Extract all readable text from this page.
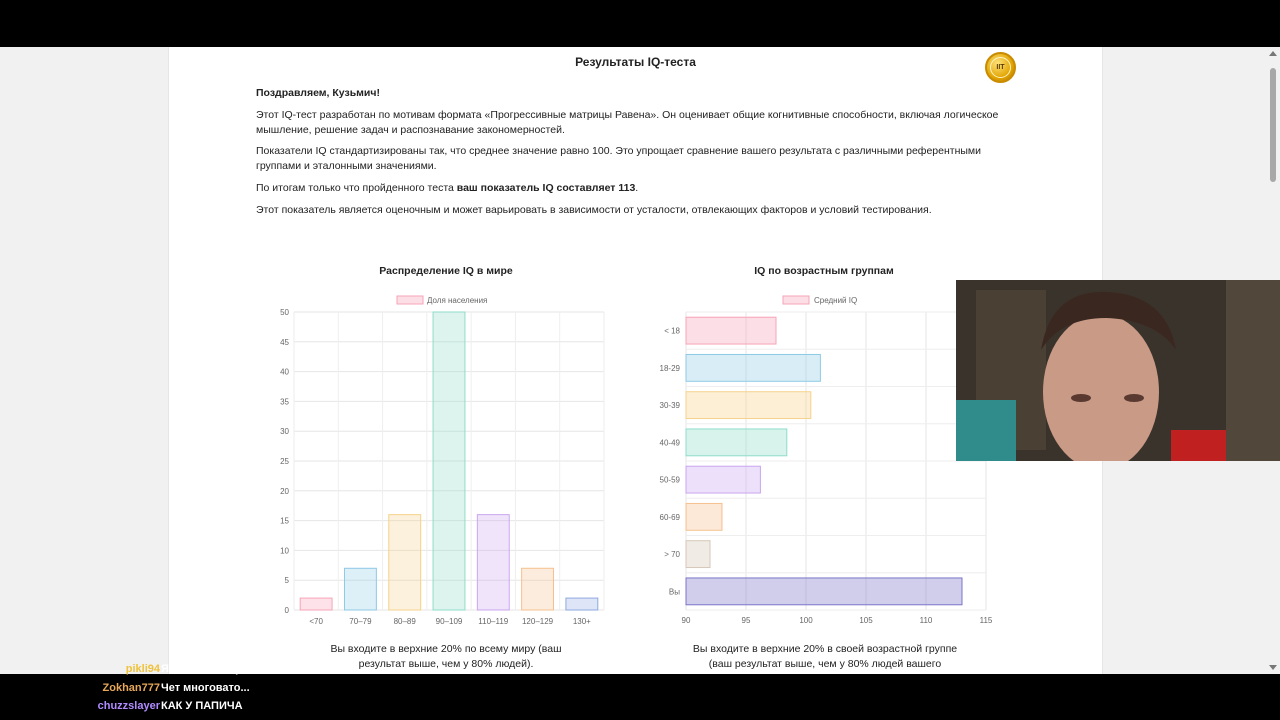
Результаты IQ-теста	IIT
Поздравляем, Кузьмич!
Этот IQ-тест разработан по мотивам формата «Прогрессивные матрицы Равена». Он оценивает общие когнитивные способности, включая логическое мышление, решение задач и распознавание закономерностей.
Показатели IQ стандартизированы так, что среднее значение равно 100. Это упрощает сравнение вашего результата с различными референтными группами и эталонными значениями.
По итогам только что пройденного теста ваш показатель IQ составляет 113.
Этот показатель является оценочным и может варьировать в зависимости от усталости, отвлекающих факторов и условий тестирования.
Распределение IQ в мире	IQ по возрастным группам
Доля населения
0
5
10
15
20
25
30
35
40
45
50
<70	70–79	80–89 90–109 110–119 120–129 130+
Средний IQ
90	95	100	105	110	115
< 18
18-29
30-39
40-49
50-59
60-69
> 70
Вы
Вы входите в верхние 20% по всему миру (ваш результат выше, чем у 80% людей).
Вы входите в верхние 20% в своей возрастной группе (ваш результат выше, чем у 80% людей вашего
pikli94 Я какаю 113 iq
Zokhan777 Чет многовато...
chuzzslayer КАК У ПАПИЧА
